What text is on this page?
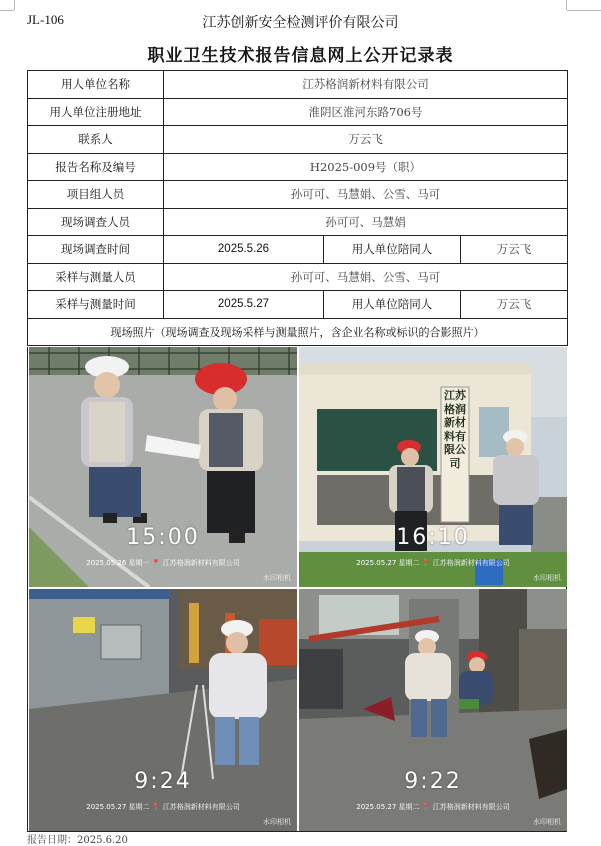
JL-106	江苏创新安全检测评价有限公司
职业卫生技术报告信息网上公开记录表
用人单位名称	江苏格润新材料有限公司		
用人单位注册地址	淮阴区淮河东路706号		
联系人	万云飞		
报告名称及编号	H2025-009号（职）		
项目组人员	孙可可、马慧娟、公雪、马可		
现场调查人员	孙可可、马慧娟		
现场调查时间	2025.5.26	用人单位陪同人	万云飞
采样与测量人员	孙可可、马慧娟、公雪、马可		
采样与测量时间	2025.5.27	用人单位陪同人	万云飞
现场照片（现场调查及现场采样与测量照片，含企业名称或标识的合影照片）			
15:00
2025.05.26 星期一 📍 江苏格润新材料有限公司
水印相机
江苏格润新材料有限公司
16:10
2025.05.27 星期二 📍 江苏格润新材料有限公司
水印相机
9:24
2025.05.27 星期二 📍 江苏格润新材料有限公司
水印相机
9:22
2025.05.27 星期二 📍 江苏格润新材料有限公司
水印相机
报告日期：2025.6.20
